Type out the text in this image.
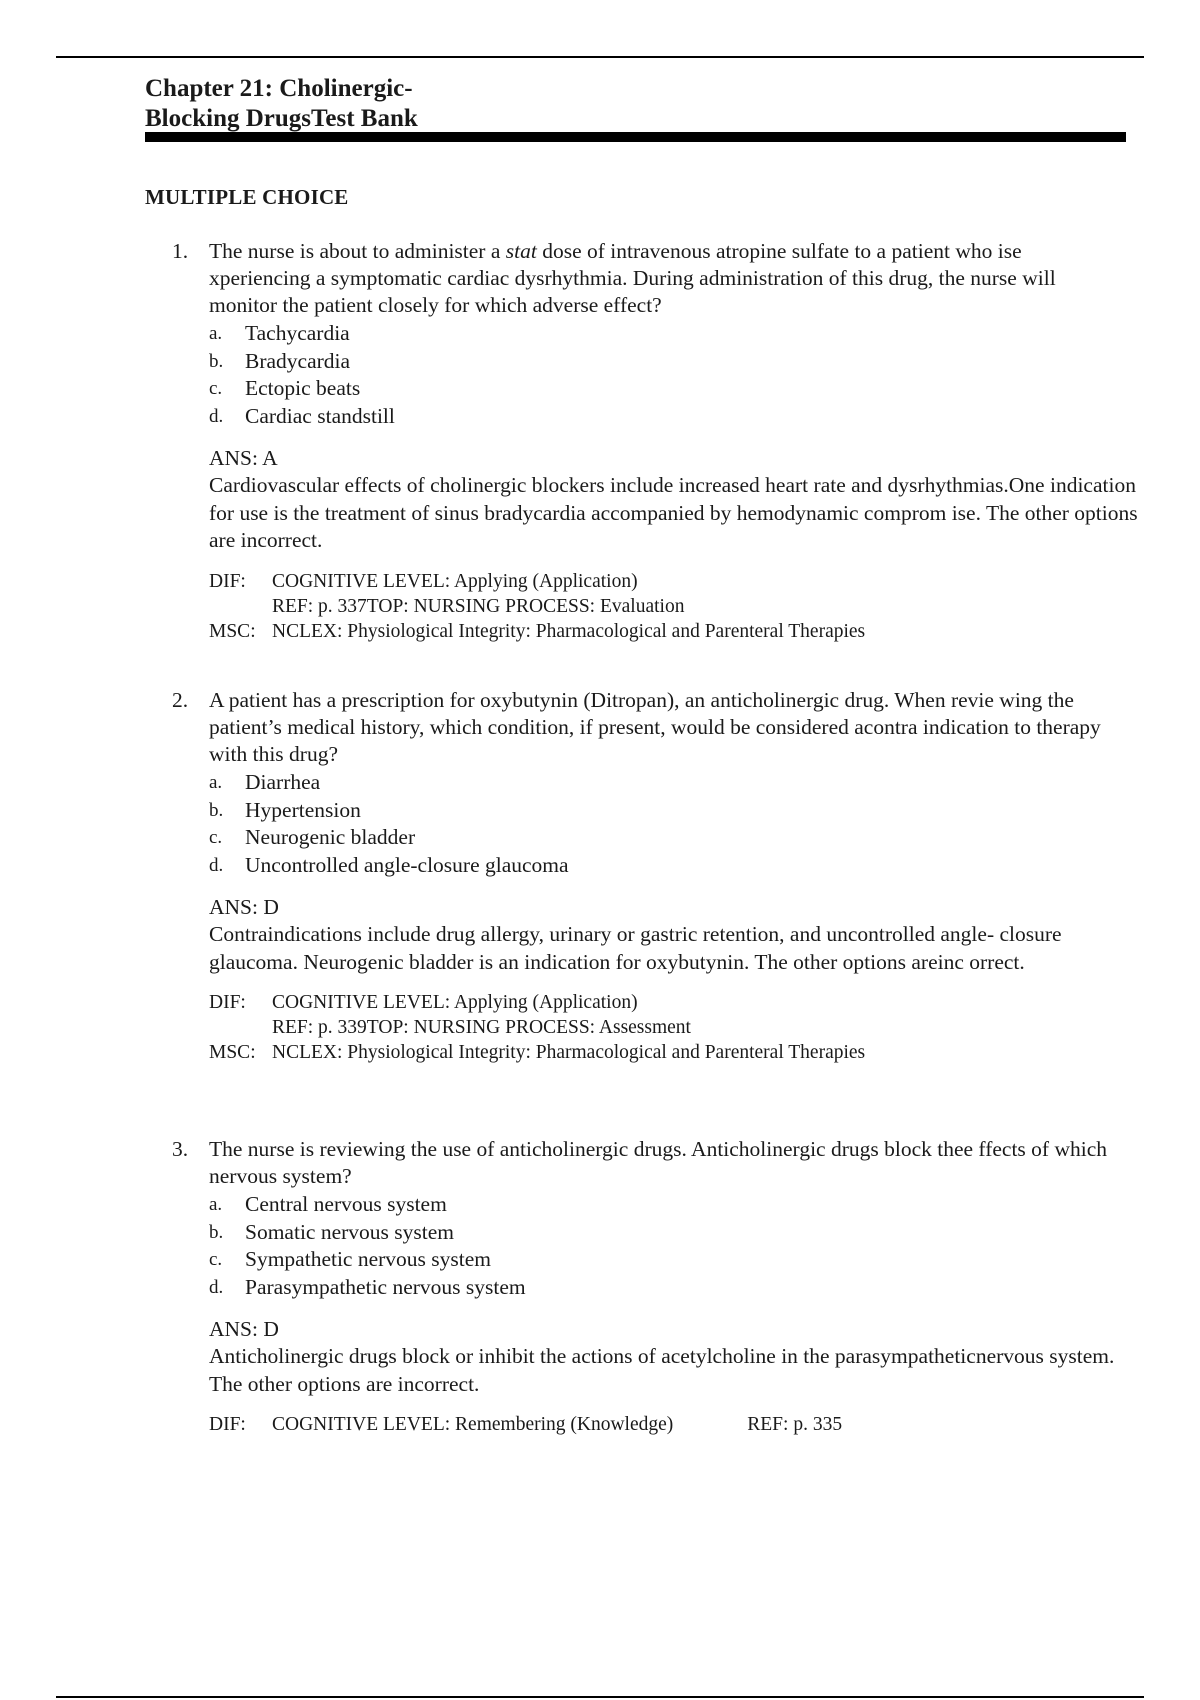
Chapter 21: Cholinergic-
Blocking DrugsTest Bank
MULTIPLE CHOICE
1. The nurse is about to administer a stat dose of intravenous atropine sulfate to a patient who ise xperiencing a symptomatic cardiac dysrhythmia. During administration of this drug, the nurse will monitor the patient closely for which adverse effect?
a.	Tachycardia
b.	Bradycardia
c.	Ectopic beats
d.	Cardiac standstill
ANS: A
Cardiovascular effects of cholinergic blockers include increased heart rate and dysrhythmias.One indication for use is the treatment of sinus bradycardia accompanied by hemodynamic comprom ise. The other options are incorrect.
DIF:	COGNITIVE LEVEL: Applying (Application)
REF: p. 337TOP: NURSING PROCESS: Evaluation
MSC: NCLEX: Physiological Integrity: Pharmacological and Parenteral Therapies
2. A patient has a prescription for oxybutynin (Ditropan), an anticholinergic drug. When revie wing the patient’s medical history, which condition, if present, would be considered acontra indication to therapy with this drug?
a.	Diarrhea
b.	Hypertension
c.	Neurogenic bladder
d.	Uncontrolled angle-closure glaucoma
ANS: D
Contraindications include drug allergy, urinary or gastric retention, and uncontrolled angle- closure glaucoma. Neurogenic bladder is an indication for oxybutynin. The other options areinc orrect.
DIF:	COGNITIVE LEVEL: Applying (Application)
REF: p. 339TOP: NURSING PROCESS: Assessment
MSC: NCLEX: Physiological Integrity: Pharmacological and Parenteral Therapies
3. The nurse is reviewing the use of anticholinergic drugs. Anticholinergic drugs block thee ffects of which nervous system?
a.	Central nervous system
b.	Somatic nervous system
c.	Sympathetic nervous system
d.	Parasympathetic nervous system
ANS: D
Anticholinergic drugs block or inhibit the actions of acetylcholine in the parasympatheticnervous system. The other options are incorrect.
DIF:	COGNITIVE LEVEL: Remembering (Knowledge)	REF: p. 335
